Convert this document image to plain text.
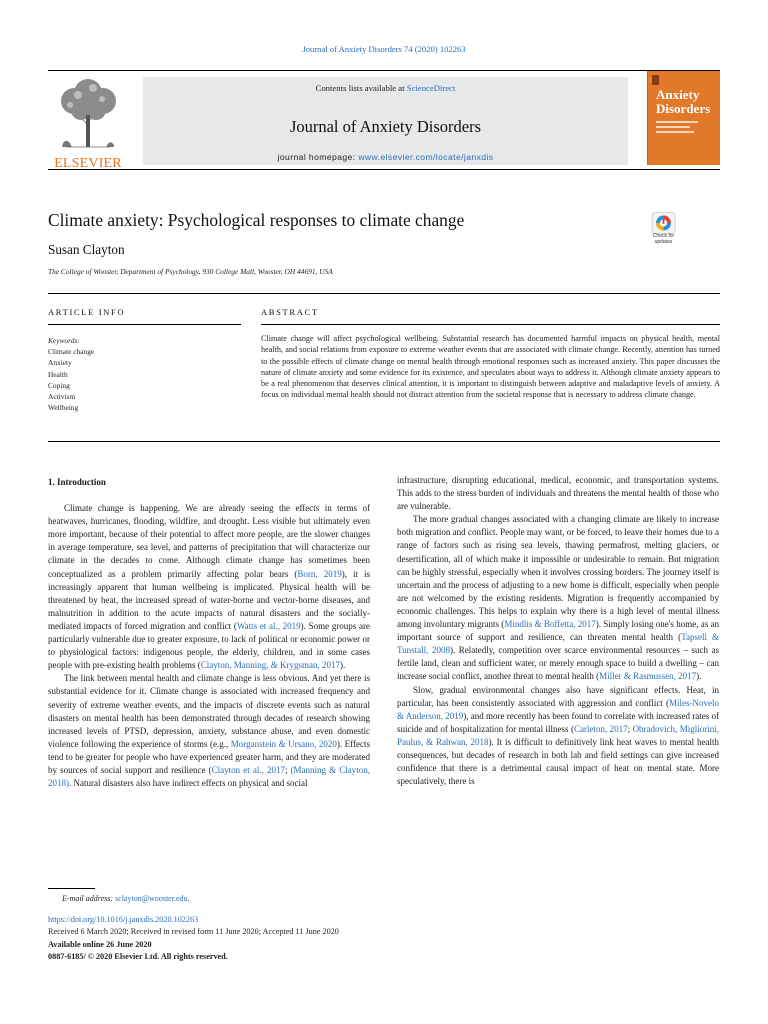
Journal of Anxiety Disorders 74 (2020) 102263
ELSEVIER
Contents lists available at ScienceDirect
Journal of Anxiety Disorders
journal homepage: www.elsevier.com/locate/janxdis
Anxiety
Disorders
Climate anxiety: Psychological responses to climate change
Susan Clayton
The College of Wooster, Department of Psychology, 930 College Mall, Wooster, OH 44691, USA
Check for updates
ARTICLE INFO
Keywords:
Climate change
Anxiety
Health
Coping
Activism
Wellbeing
ABSTRACT
Climate change will affect psychological wellbeing. Substantial research has documented harmful impacts on physical health, mental health, and social relations from exposure to extreme weather events that are associated with climate change. Recently, attention has turned to the possible effects of climate change on mental health through emotional responses such as increased anxiety. This paper discusses the nature of climate anxiety and some evidence for its existence, and speculates about ways to address it. Although climate anxiety appears to be a real phenomenon that deserves clinical attention, it is important to distinguish between adaptive and maladaptive levels of anxiety. A focus on individual mental health should not distract attention from the societal response that is necessary to address climate change.

1. Introduction

Climate change is happening. We are already seeing the effects in terms of heatwaves, hurricanes, flooding, wildfire, and drought. Less visible but ultimately even more important, because of their potential to affect more people, are the slower changes in average temperature, sea level, and patterns of precipitation that will characterize our climate in the decades to come. Although climate change has sometimes been conceptualized as a problem primarily affecting polar bears (Born, 2019), it is increasingly apparent that human wellbeing is implicated. Physical health will be threatened by heat, the increased spread of water-borne and vector-borne diseases, and malnutrition in addition to the acute impacts of natural disasters and the socially-mediated impacts of forced migration and conflict (Watts et al., 2019). Some groups are particularly vulnerable due to greater exposure, to lack of political or economic power or to physiological factors: indigenous people, the elderly, children, and in some cases people with pre-existing health problems (Clayton, Manning, & Krygsman, 2017).

The link between mental health and climate change is less obvious. And yet there is substantial evidence for it. Climate change is associated with increased frequency and severity of extreme weather events, and the impacts of discrete events such as natural disasters on mental health has been demonstrated through decades of research showing increased levels of PTSD, depression, anxiety, substance abuse, and even domestic violence following the experience of storms (e.g., Morganstein & Ursano, 2020). Effects tend to be greater for people who have experienced greater harm, and they are moderated by sources of social support and resilience (Clayton et al., 2017; (Manning & Clayton, 2018). Natural disasters also have indirect effects on physical and social

infrastructure, disrupting educational, medical, economic, and transportation systems. This adds to the stress burden of individuals and threatens the mental health of those who are vulnerable.

The more gradual changes associated with a changing climate are likely to increase both migration and conflict. People may want, or be forced, to leave their homes due to a range of factors such as rising sea levels, thawing permafrost, melting glaciers, or desertification, all of which make it impossible or undesirable to remain. But migration can be highly stressful, especially when it involves crossing borders. The journey itself is uncertain and the process of adjusting to a new home is difficult, especially when people are not welcomed by the existing residents. Migration is frequently accompanied by economic challenges. This helps to explain why there is a high level of mental illness among involuntary migrants (Mindlis & Boffetta, 2017). Simply losing one's home, as an important source of support and resilience, can threaten mental health (Tapsell & Tunstall, 2008). Relatedly, competition over scarce environmental resources – such as fertile land, clean and sufficient water, or merely enough space to build a dwelling – can increase social conflict, another threat to mental health (Miller & Rasmussen, 2017).

Slow, gradual environmental changes also have significant effects. Heat, in particular, has been consistently associated with aggression and conflict (Miles-Novelo & Anderson, 2019), and more recently has been found to correlate with increased rates of suicide and of hospitalization for mental illness (Carleton, 2017; Obradovich, Migliorini, Paulus, & Rahwan, 2018). It is difficult to definitively link heat waves to mental health consequences, but decades of research in both lab and field settings can give increased confidence that there is a detrimental causal impact of heat on mental state. More speculatively, there is

E-mail address: sclayton@wooster.edu.
https://doi.org/10.1016/j.janxdis.2020.102263
Received 6 March 2020; Received in revised form 11 June 2020; Accepted 11 June 2020
Available online 26 June 2020
0887-6185/ © 2020 Elsevier Ltd. All rights reserved.
